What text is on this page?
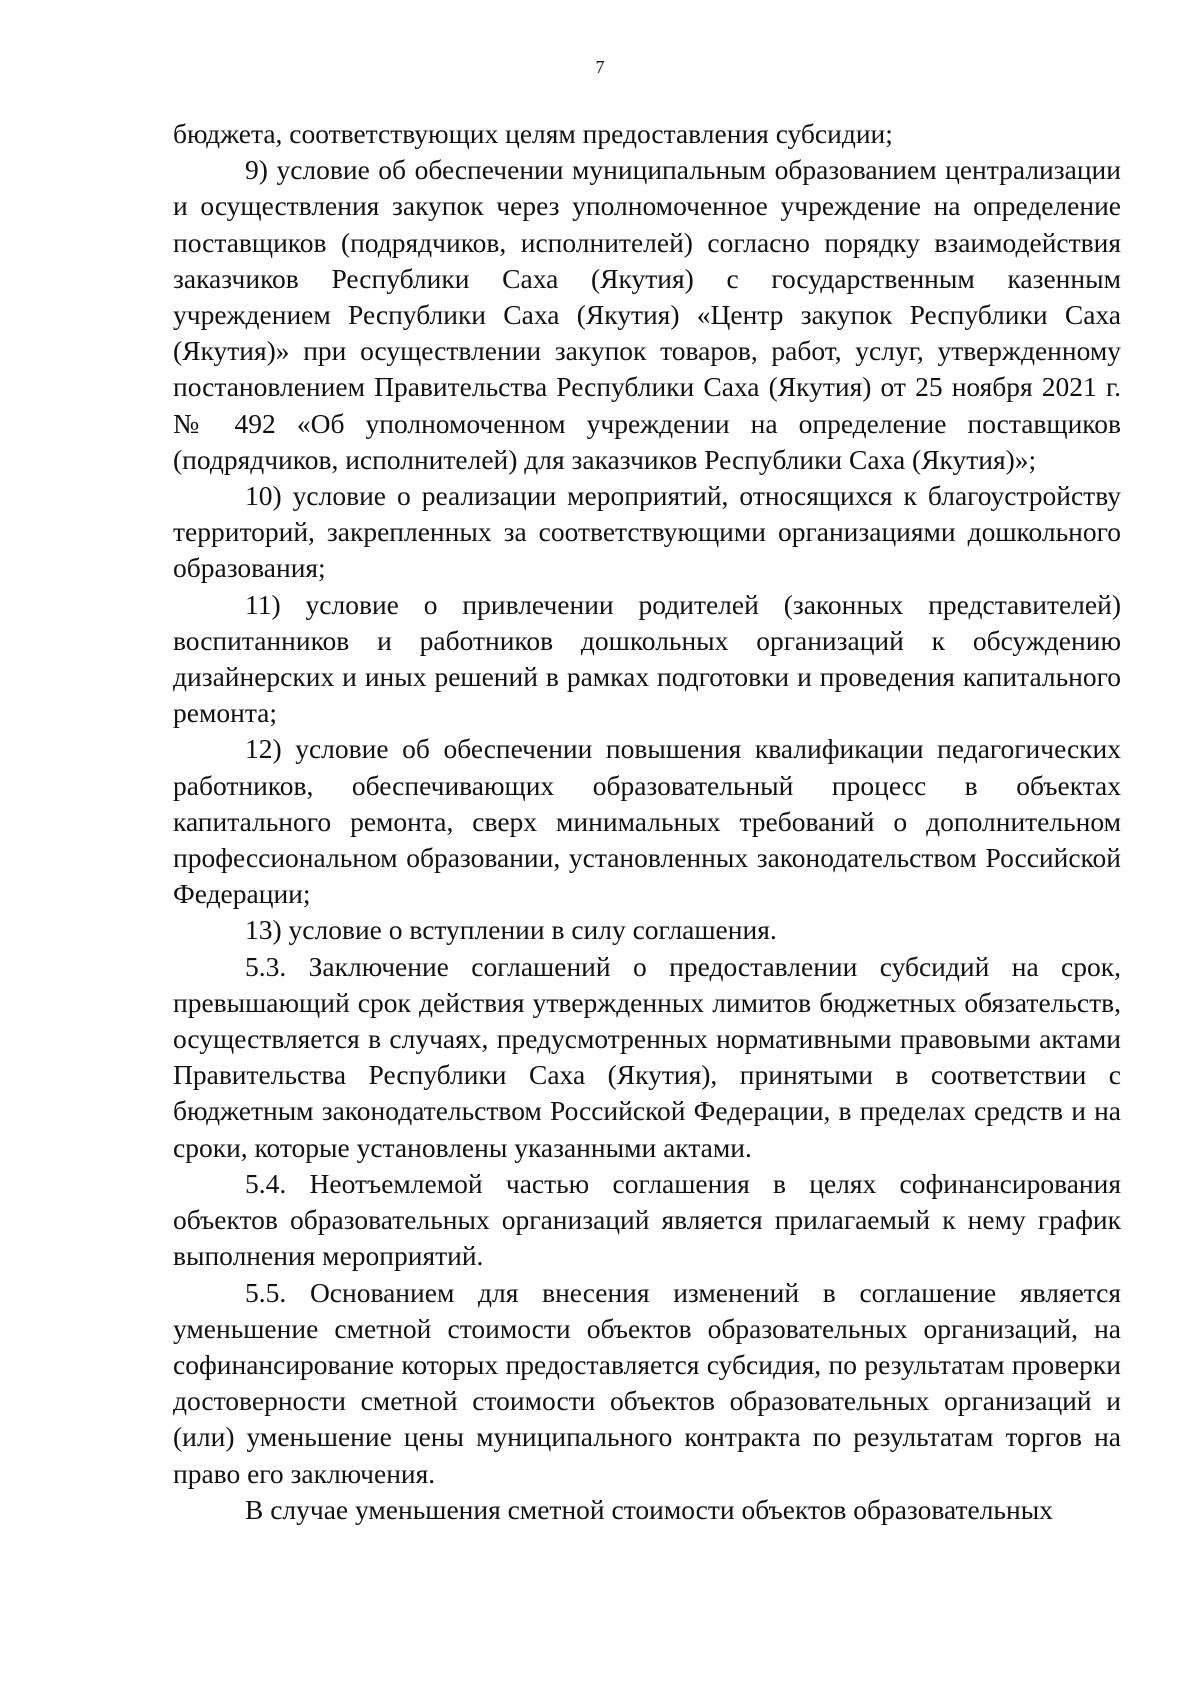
7

бюджета, соответствующих целям предоставления субсидии;

9) условие об обеспечении муниципальным образованием централизации и осуществления закупок через уполномоченное учреждение на определение поставщиков (подрядчиков, исполнителей) согласно порядку взаимодействия заказчиков Республики Саха (Якутия) с государственным казенным учреждением Республики Саха (Якутия) «Центр закупок Республики Саха (Якутия)» при осуществлении закупок товаров, работ, услуг, утвержденному постановлением Правительства Республики Саха (Якутия) от 25 ноября 2021 г. № 492 «Об уполномоченном учреждении на определение поставщиков (подрядчиков, исполнителей) для заказчиков Республики Саха (Якутия)»;

10) условие о реализации мероприятий, относящихся к благоустройству территорий, закрепленных за соответствующими организациями дошкольного образования;

11) условие о привлечении родителей (законных представителей) воспитанников и работников дошкольных организаций к обсуждению дизайнерских и иных решений в рамках подготовки и проведения капитального ремонта;

12) условие об обеспечении повышения квалификации педагогических работников, обеспечивающих образовательный процесс в объектах капитального ремонта, сверх минимальных требований о дополнительном профессиональном образовании, установленных законодательством Российской Федерации;

13) условие о вступлении в силу соглашения.

5.3. Заключение соглашений о предоставлении субсидий на срок, превышающий срок действия утвержденных лимитов бюджетных обязательств, осуществляется в случаях, предусмотренных нормативными правовыми актами Правительства Республики Саха (Якутия), принятыми в соответствии с бюджетным законодательством Российской Федерации, в пределах средств и на сроки, которые установлены указанными актами.

5.4. Неотъемлемой частью соглашения в целях софинансирования объектов образовательных организаций является прилагаемый к нему график выполнения мероприятий.

5.5. Основанием для внесения изменений в соглашение является уменьшение сметной стоимости объектов образовательных организаций, на софинансирование которых предоставляется субсидия, по результатам проверки достоверности сметной стоимости объектов образовательных организаций и (или) уменьшение цены муниципального контракта по результатам торгов на право его заключения.

В случае уменьшения сметной стоимости объектов образовательных
